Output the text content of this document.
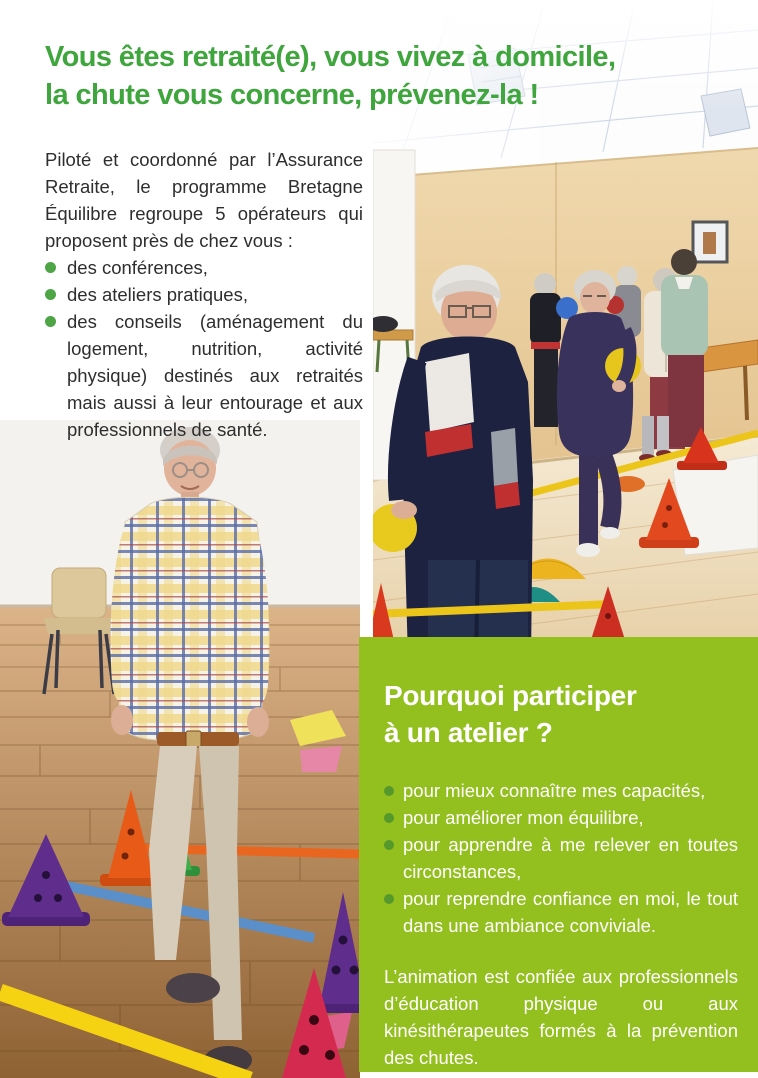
Vous êtes retraité(e), vous vivez à domicile,
la chute vous concerne, prévenez-la !

Piloté et coordonné par l’Assurance Retraite, le programme Bretagne Équilibre regroupe 5 opérateurs qui proposent près de chez vous :

des conférences,
des ateliers pratiques,
des conseils (aménagement du logement, nutrition, activité physique) destinés aux retraités mais aussi à leur entourage et aux professionnels de santé.
Pourquoi participer
à un atelier ?
pour mieux connaître mes capacités,
pour améliorer mon équilibre,
pour apprendre à me relever en toutes circonstances,
pour reprendre confiance en moi, le tout dans une ambiance conviviale.

L’animation est confiée aux professionnels d’éducation physique ou aux kinésithérapeutes formés à la prévention des chutes.
